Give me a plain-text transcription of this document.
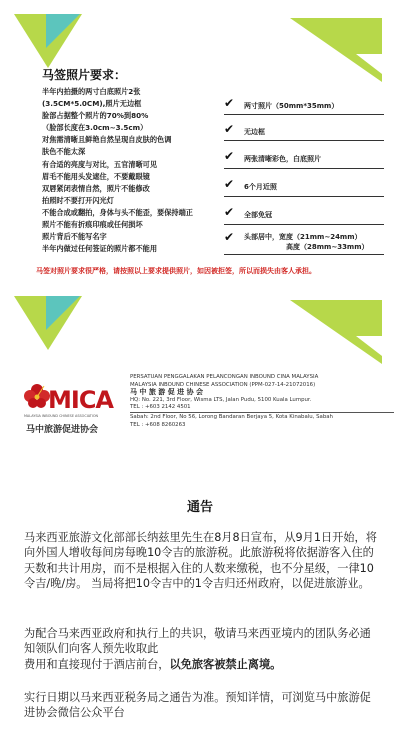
马签照片要求：
半年内拍摄的两寸白底照片2张
(3.5CM*5.0CM),照片无边框
脸部占据整个照片的70%到80%
（脸部长度在3.0cm~3.5cm）
对焦需清晰且鲜艳自然呈现自皮肤的色调
肤色不能太深
有合适的亮度与对比，五官清晰可见
眉毛不能用头发遮住，不要戴眼镜
双唇紧闭表情自然，照片不能修改
拍照时不要打开闪光灯
不能合成或翻拍，身体与头不能歪，要保持端正
照片不能有折痕印痕或任何损坏
照片背后不能写名字
半年内做过任何签证的照片都不能用
✔ 两寸照片（50mm*35mm）
✔ 无边框
✔ 两张清晰彩色，白底照片
✔ 6个月近照
✔ 全部免冠
✔ 头部居中，宽度（21mm~24mm）
高度（28mm~33mm）
马签对照片要求很严格，请按照以上要求提供照片，如因被拒签，所以而损失由客人承担。
MICA
MALAYSIA INBOUND CHINESE ASSOCIATION
马中旅游促进协会
PERSATUAN PENGGALAKAN PELANCONGAN INBOUND CINA MALAYSIA
MALAYSIA INBOUND CHINESE ASSOCIATION (PPM-027-14-21072016)
马 中 旅 游 促 进 协 会
HQ: No. 221, 3rd Floor, Wisma LTS, Jalan Pudu, 5100 Kuala Lumpur.
TEL : +603 2142 4501
Sabah: 2nd Floor, No 56, Lorong Bandaran Berjaya 5, Kota Kinabalu, Sabah
TEL : +608 8260263
通告
马来西亚旅游文化部部长纳兹里先生在8月8日宣布，从9月1日开始，将向外国人增收每间房每晚10令吉的旅游税。此旅游税将依据游客入住的天数和共计用房，而不是根据入住的人数来缴税，也不分星级，一律10令吉/晚/房。 当局将把10令吉中的1令吉归还州政府，以促进旅游业。
为配合马来西亚政府和执行上的共识，敬请马来西亚境内的团队务必通知领队们向客人预先收取此
费用和直接现付于酒店前台，以免旅客被禁止离境。
实行日期以马来西亚税务局之通告为准。预知详情，可浏览马中旅游促进协会微信公众平台
